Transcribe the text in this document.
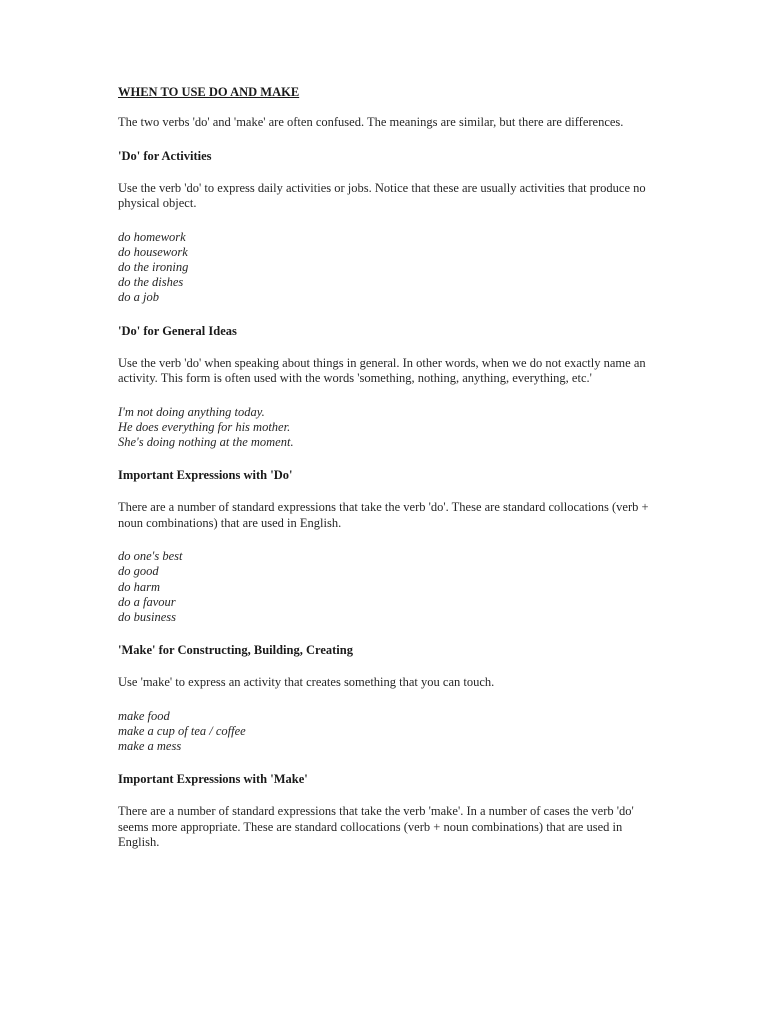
WHEN TO USE DO AND MAKE

The two verbs 'do' and 'make' are often confused. The meanings are similar, but there are differences.

'Do' for Activities

Use the verb 'do' to express daily activities or jobs. Notice that these are usually activities that produce no physical object.

do homework
do housework
do the ironing
do the dishes
do a job
'Do' for General Ideas

Use the verb 'do' when speaking about things in general. In other words, when we do not exactly name an activity. This form is often used with the words 'something, nothing, anything, everything, etc.'

I'm not doing anything today.
He does everything for his mother.
She's doing nothing at the moment.
Important Expressions with 'Do'

There are a number of standard expressions that take the verb 'do'. These are standard collocations (verb + noun combinations) that are used in English.

do one's best
do good
do harm
do a favour
do business
'Make' for Constructing, Building, Creating

Use 'make' to express an activity that creates something that you can touch.

make food
make a cup of tea / coffee
make a mess
Important Expressions with 'Make'

There are a number of standard expressions that take the verb 'make'. In a number of cases the verb 'do' seems more appropriate. These are standard collocations (verb + noun combinations) that are used in English.
